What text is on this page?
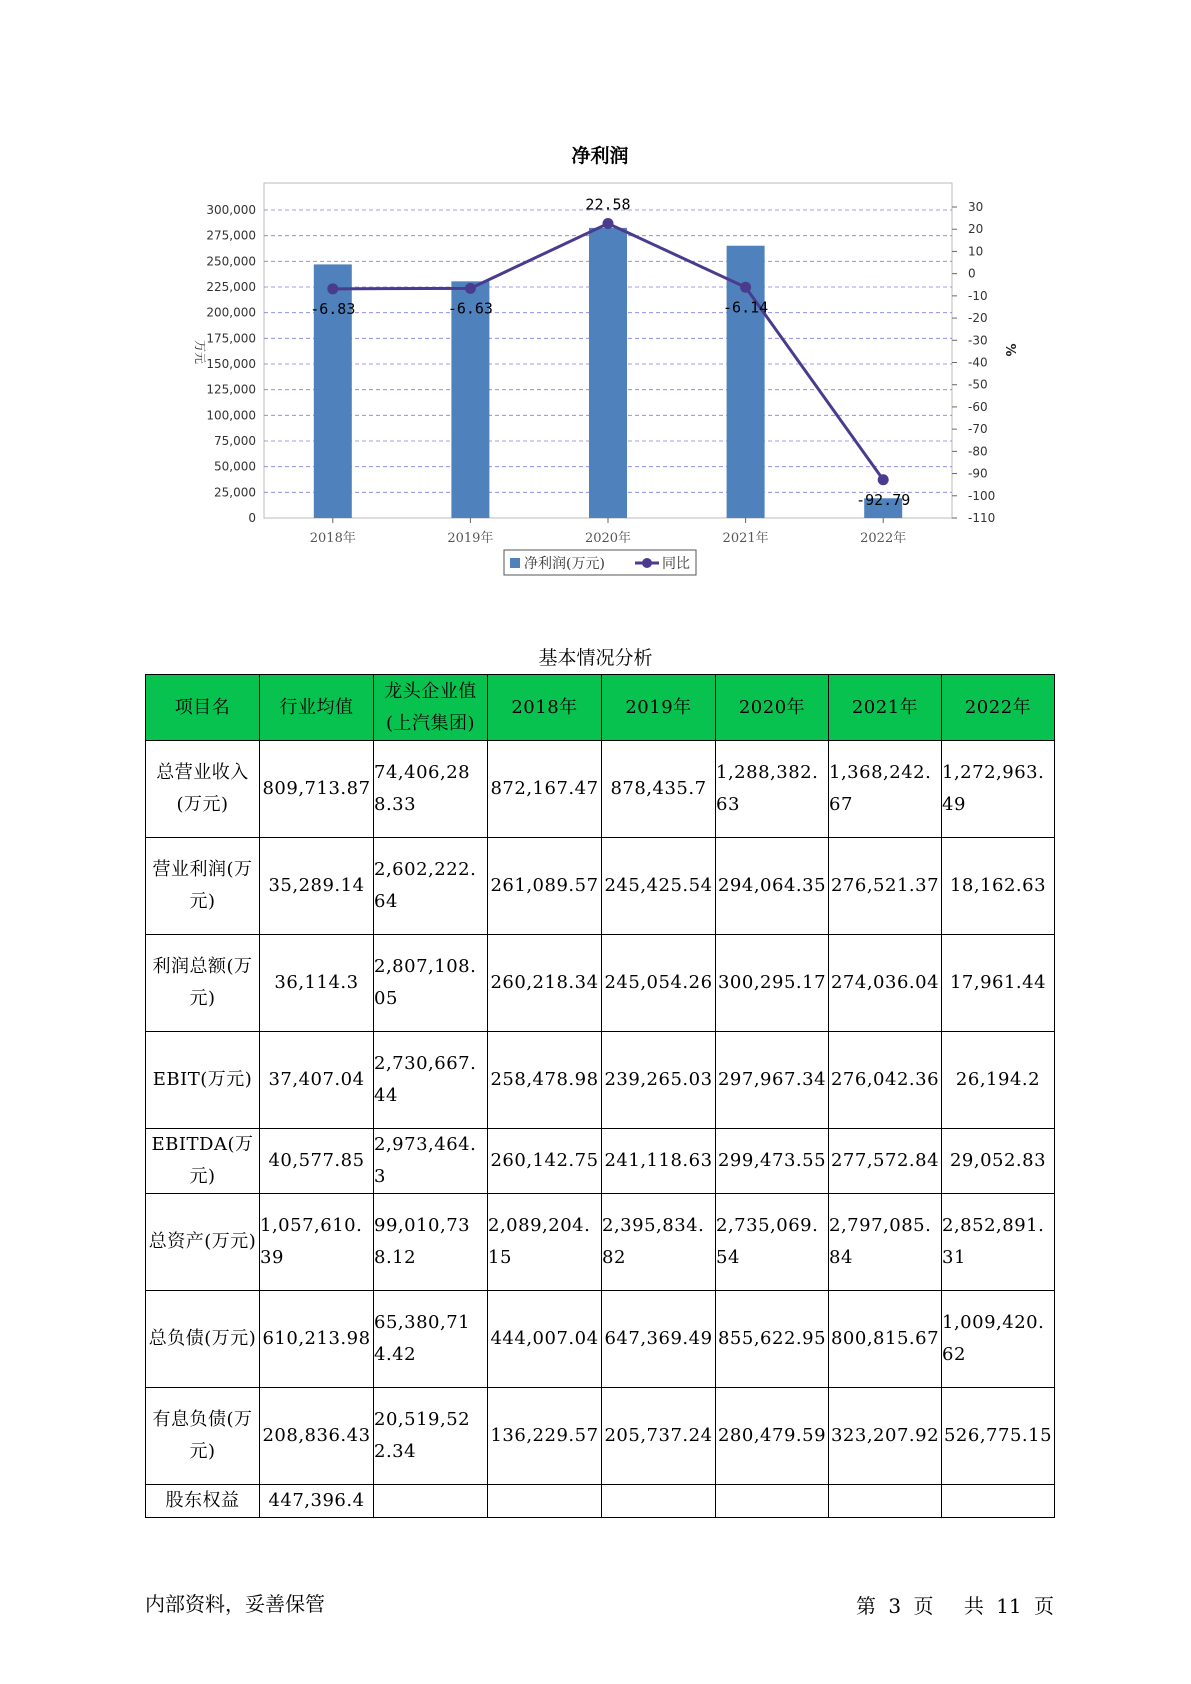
净利润
0
25,000
50,000
75,000
100,000
125,000
150,000
175,000
200,000
225,000
250,000
275,000
300,000	30
20
10
0
-10
-20
-30
-40
-50
-60
-70
-80
-90
-100
-110
万元	%
2018年	2019年	2020年	2021年	2022年
-6.83	-6.63
22.58
-6.14
-92.79
净利润(万元)	同比
基本情况分析
项目名	行业均值	龙头企业值(上汽集团)	2018年	2019年	2020年	2021年	2022年
总营业收入(万元)	809,713.87	74,406,288.33	872,167.47	878,435.7	1,288,382.63	1,368,242.67	1,272,963.49
营业利润(万元)	35,289.14	2,602,222.64	261,089.57	245,425.54	294,064.35	276,521.37	18,162.63
利润总额(万元)	36,114.3	2,807,108.05	260,218.34	245,054.26	300,295.17	274,036.04	17,961.44
EBIT(万元)	37,407.04	2,730,667.44	258,478.98	239,265.03	297,967.34	276,042.36	26,194.2
EBITDA(万元)	40,577.85	2,973,464.3	260,142.75	241,118.63	299,473.55	277,572.84	29,052.83
总资产(万元)	1,057,610.39	99,010,738.12	2,089,204.15	2,395,834.82	2,735,069.54	2,797,085.84	2,852,891.31
总负债(万元)	610,213.98	65,380,714.42	444,007.04	647,369.49	855,622.95	800,815.67	1,009,420.62
有息负债(万元)	208,836.43	20,519,522.34	136,229.57	205,737.24	280,479.59	323,207.92	526,775.15
股东权益	447,396.4						
内部资料，妥善保管	第 3 页 共 11 页
